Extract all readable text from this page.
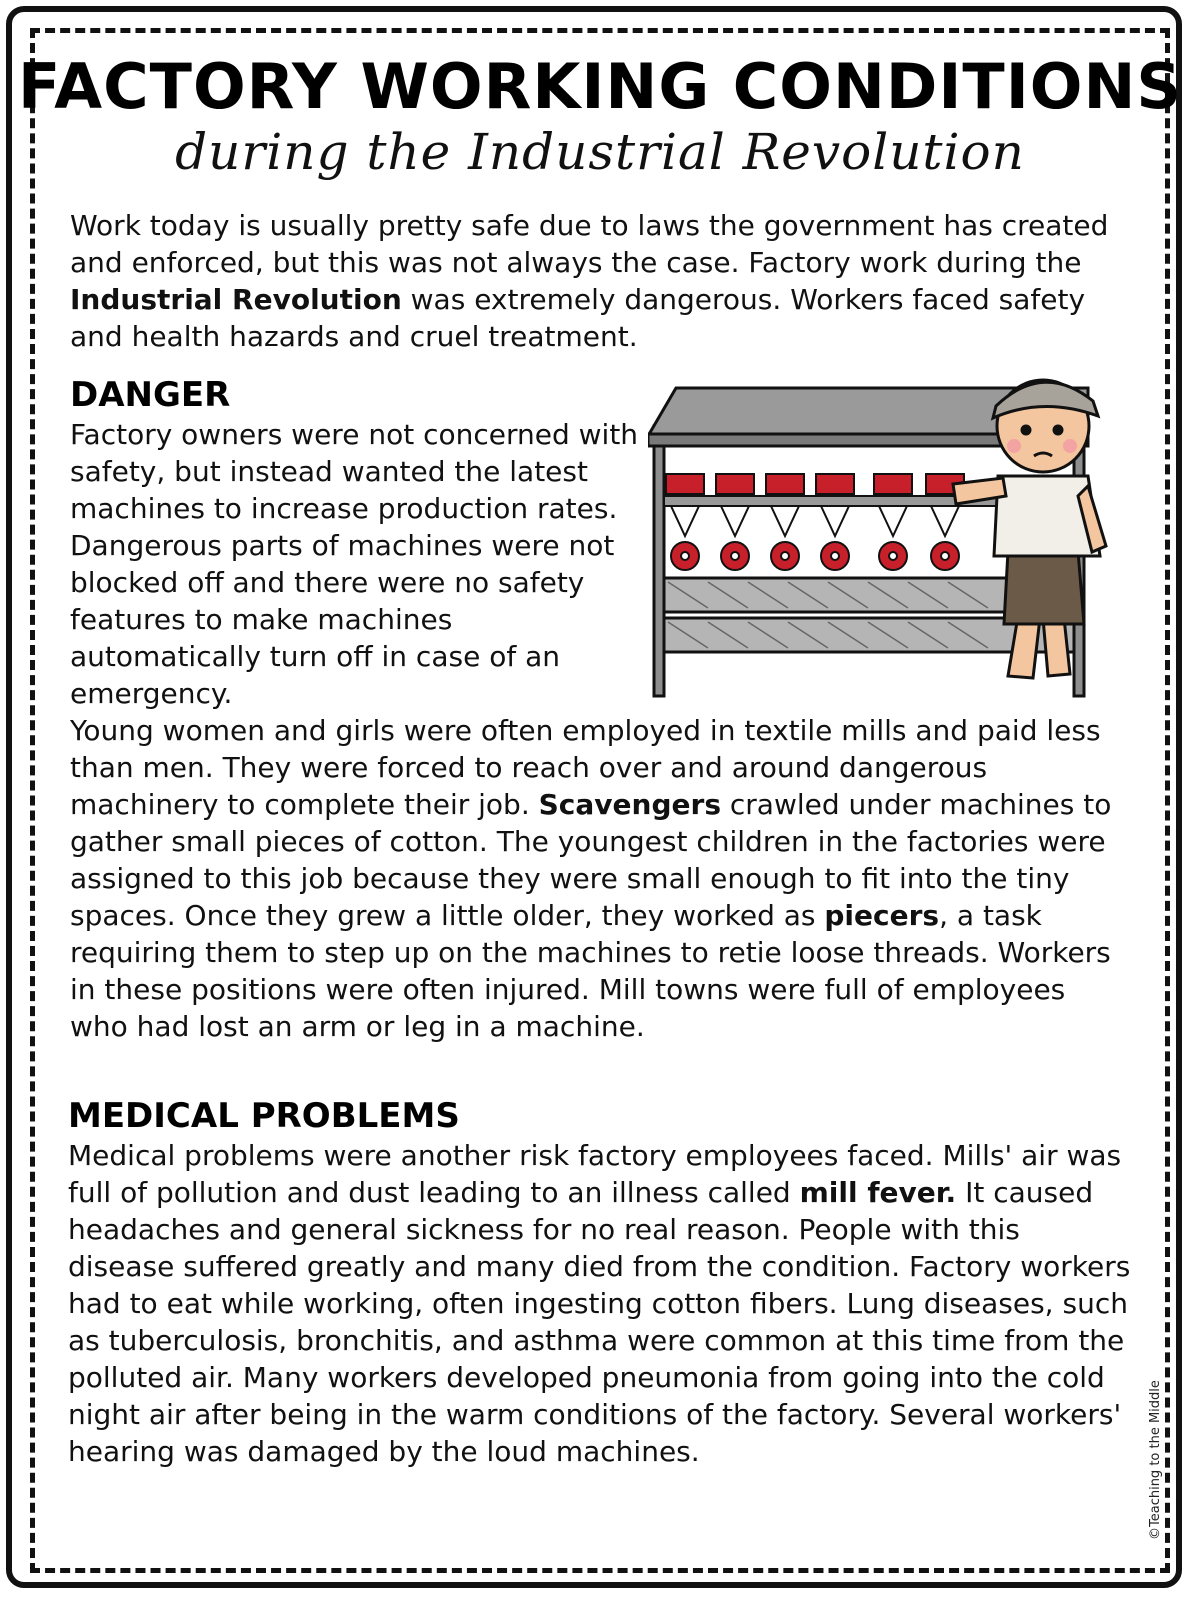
FACTORY WORKING CONDITIONS
during the Industrial Revolution

Work today is usually pretty safe due to laws the government has created and enforced, but this was not always the case. Factory work during the Industrial Revolution was extremely dangerous. Workers faced safety and health hazards and cruel treatment.

DANGER

Factory owners were not concerned with safety, but instead wanted the latest machines to increase production rates. Dangerous parts of machines were not blocked off and there were no safety features to make machines automatically turn off in case of an emergency.

Young women and girls were often employed in textile mills and paid less than men. They were forced to reach over and around dangerous machinery to complete their job. Scavengers crawled under machines to gather small pieces of cotton. The youngest children in the factories were assigned to this job because they were small enough to fit into the tiny spaces. Once they grew a little older, they worked as piecers, a task requiring them to step up on the machines to retie loose threads. Workers in these positions were often injured. Mill towns were full of employees who had lost an arm or leg in a machine.

MEDICAL PROBLEMS

Medical problems were another risk factory employees faced. Mills' air was full of pollution and dust leading to an illness called mill fever. It caused headaches and general sickness for no real reason. People with this disease suffered greatly and many died from the condition. Factory workers had to eat while working, often ingesting cotton fibers. Lung diseases, such as tuberculosis, bronchitis, and asthma were common at this time from the polluted air. Many workers developed pneumonia from going into the cold night air after being in the warm conditions of the factory. Several workers' hearing was damaged by the loud machines.	©Teaching to the Middle
